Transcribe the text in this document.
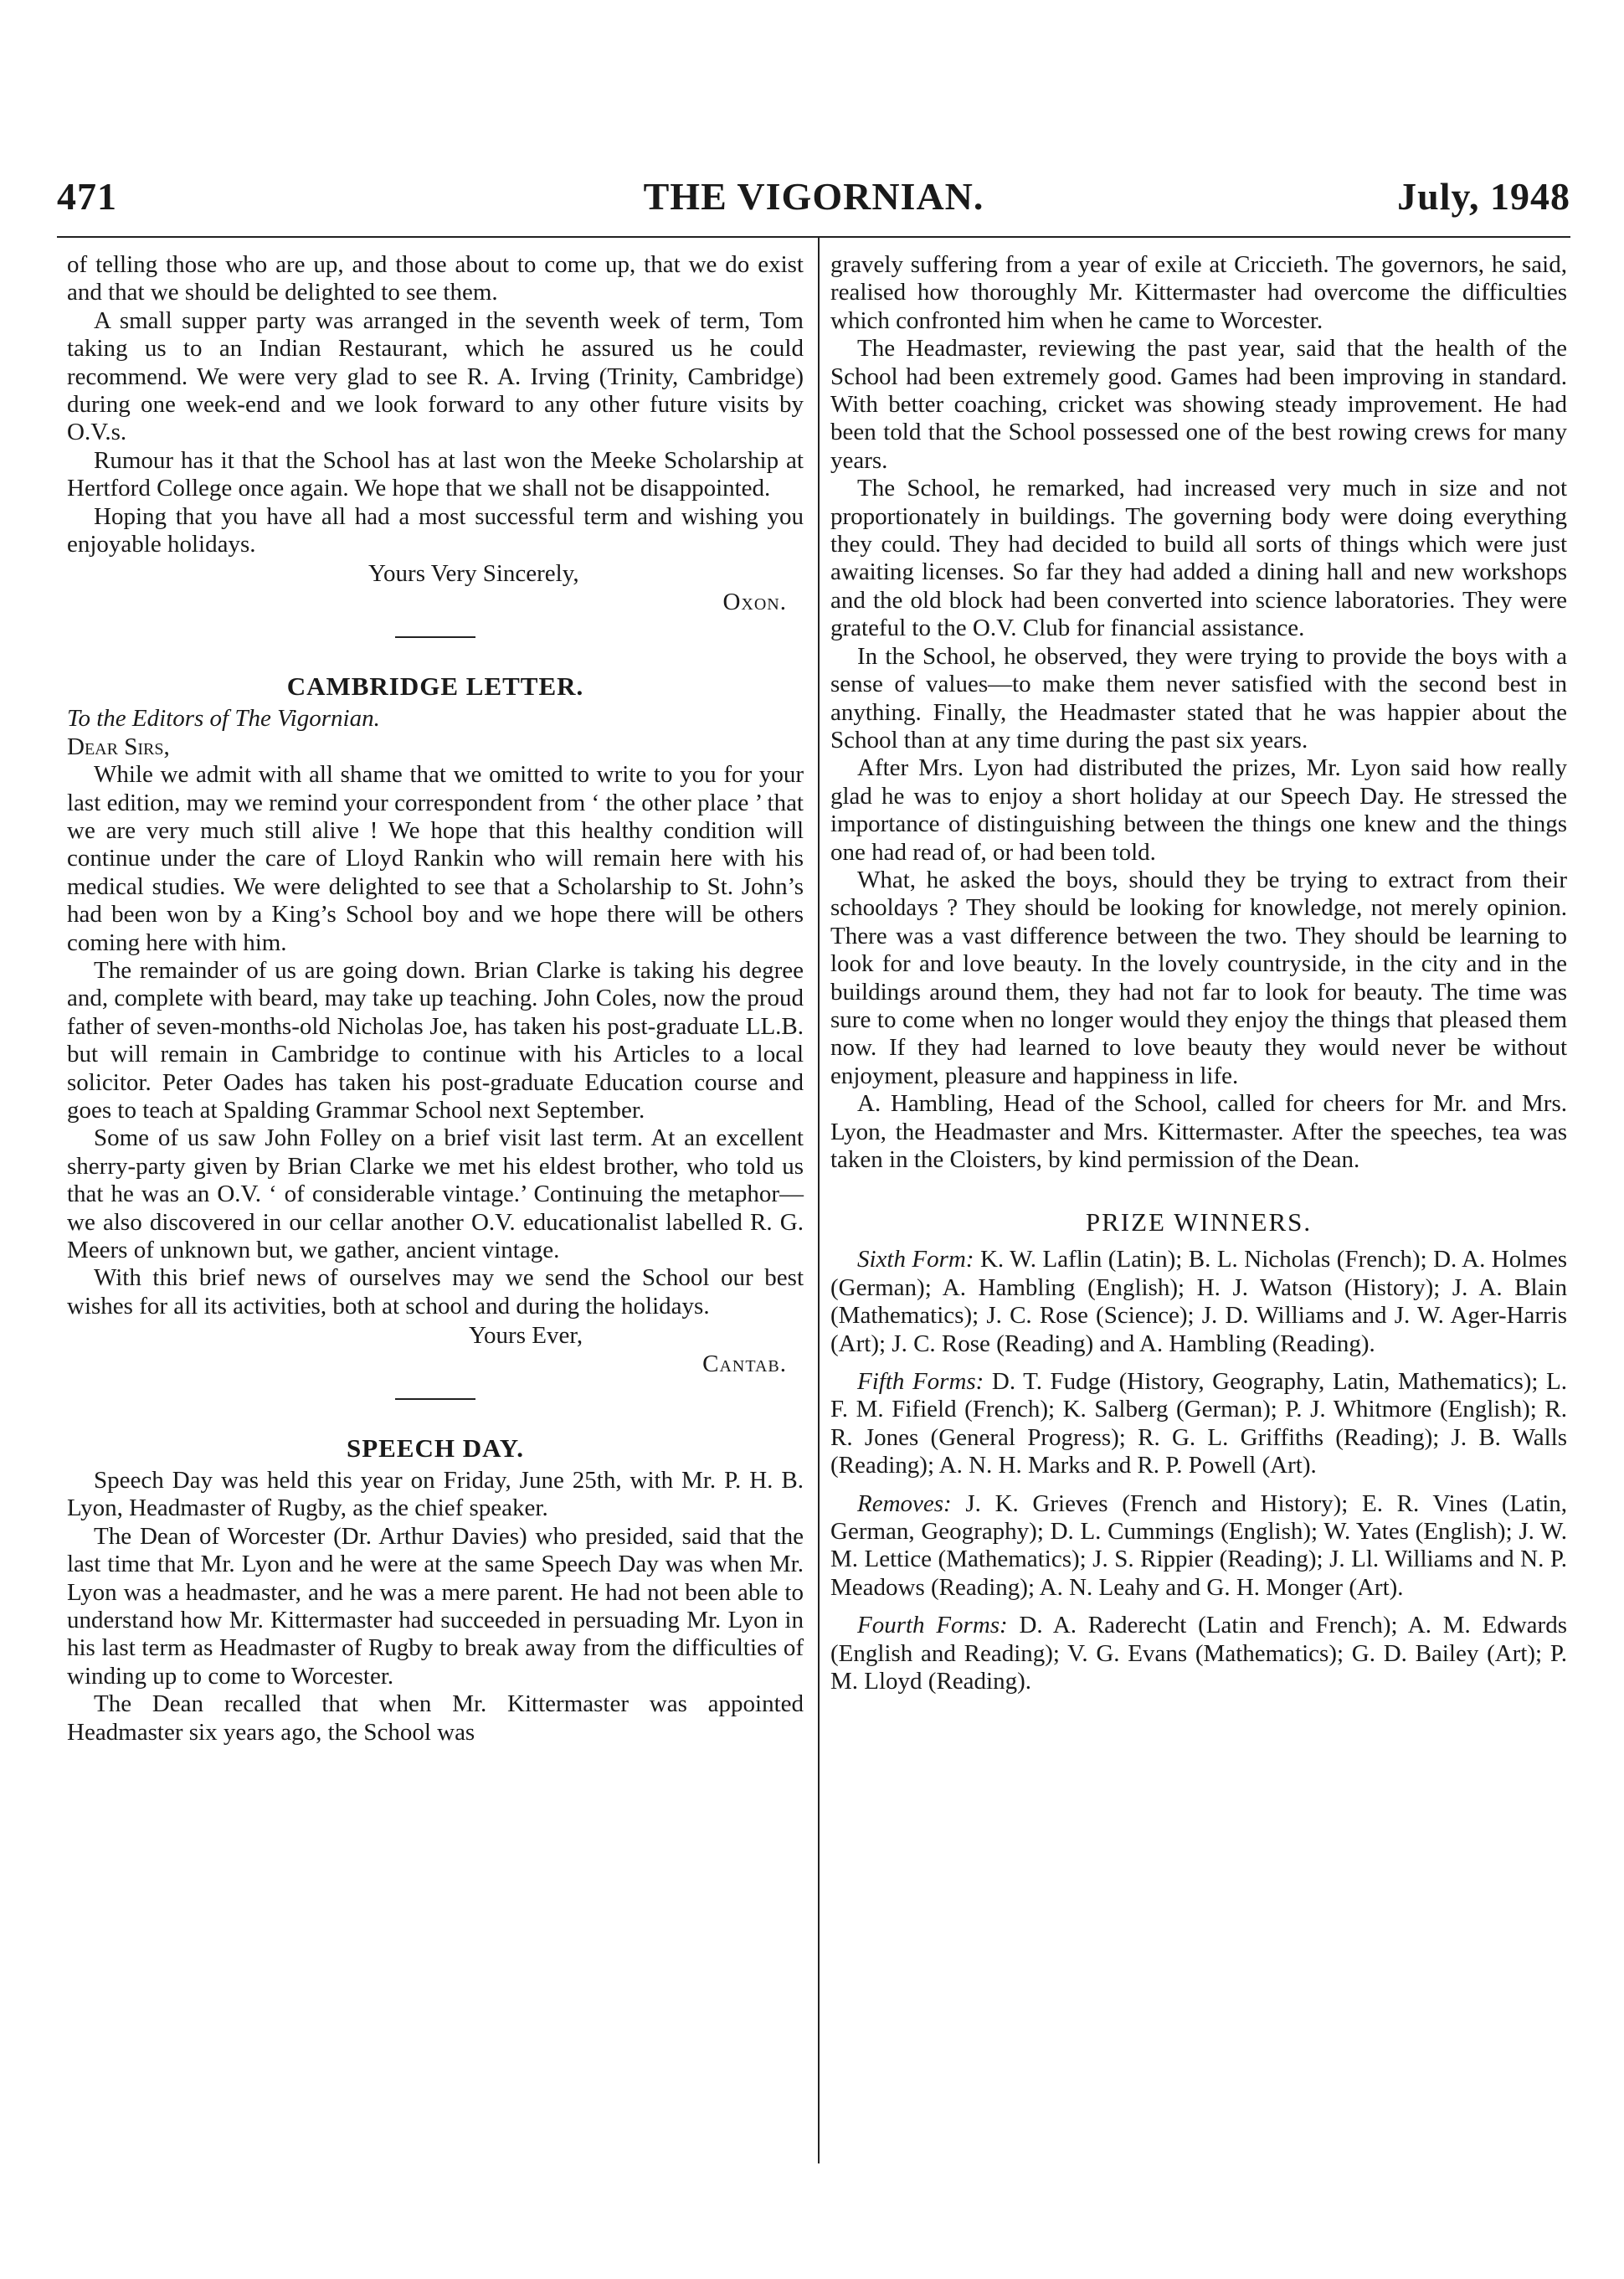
THE VIGORNIAN.
471	July, 1948

of telling those who are up, and those about to come up, that we do exist and that we should be delighted to see them.

A small supper party was arranged in the seventh week of term, Tom taking us to an Indian Restaurant, which he assured us he could recommend. We were very glad to see R. A. Irving (Trinity, Cambridge) during one week-end and we look forward to any other future visits by O.V.s.

Rumour has it that the School has at last won the Meeke Scholarship at Hertford College once again. We hope that we shall not be disappointed.

Hoping that you have all had a most successful term and wishing you enjoyable holidays.

Yours Very Sincerely,
Oxon.
CAMBRIDGE LETTER.

To the Editors of The Vigornian.

Dear Sirs,

While we admit with all shame that we omitted to write to you for your last edition, may we remind your correspondent from ‘ the other place ’ that we are very much still alive ! We hope that this healthy condition will continue under the care of Lloyd Rankin who will remain here with his medical studies. We were delighted to see that a Scholarship to St. John’s had been won by a King’s School boy and we hope there will be others coming here with him.

The remainder of us are going down. Brian Clarke is taking his degree and, complete with beard, may take up teaching. John Coles, now the proud father of seven-months-old Nicholas Joe, has taken his post-graduate LL.B. but will remain in Cambridge to continue with his Articles to a local solicitor. Peter Oades has taken his post-graduate Education course and goes to teach at Spalding Grammar School next September.

Some of us saw John Folley on a brief visit last term. At an excellent sherry-party given by Brian Clarke we met his eldest brother, who told us that he was an O.V. ‘ of considerable vintage.’ Continuing the metaphor—we also discovered in our cellar another O.V. educationalist labelled R. G. Meers of unknown but, we gather, ancient vintage.

With this brief news of ourselves may we send the School our best wishes for all its activities, both at school and during the holidays.

Yours Ever,
Cantab.
SPEECH DAY.

Speech Day was held this year on Friday, June 25th, with Mr. P. H. B. Lyon, Headmaster of Rugby, as the chief speaker.

The Dean of Worcester (Dr. Arthur Davies) who presided, said that the last time that Mr. Lyon and he were at the same Speech Day was when Mr. Lyon was a headmaster, and he was a mere parent. He had not been able to understand how Mr. Kittermaster had succeeded in persuading Mr. Lyon in his last term as Headmaster of Rugby to break away from the difficulties of winding up to come to Worcester.

The Dean recalled that when Mr. Kittermaster was appointed Headmaster six years ago, the School was

gravely suffering from a year of exile at Criccieth. The governors, he said, realised how thoroughly Mr. Kittermaster had overcome the difficulties which confronted him when he came to Worcester.

The Headmaster, reviewing the past year, said that the health of the School had been extremely good. Games had been improving in standard. With better coaching, cricket was showing steady improvement. He had been told that the School possessed one of the best rowing crews for many years.

The School, he remarked, had increased very much in size and not proportionately in buildings. The governing body were doing everything they could. They had decided to build all sorts of things which were just awaiting licenses. So far they had added a dining hall and new workshops and the old block had been converted into science laboratories. They were grateful to the O.V. Club for financial assistance.

In the School, he observed, they were trying to provide the boys with a sense of values—to make them never satisfied with the second best in anything. Finally, the Headmaster stated that he was happier about the School than at any time during the past six years.

After Mrs. Lyon had distributed the prizes, Mr. Lyon said how really glad he was to enjoy a short holiday at our Speech Day. He stressed the importance of distinguishing between the things one knew and the things one had read of, or had been told.

What, he asked the boys, should they be trying to extract from their schooldays ? They should be looking for knowledge, not merely opinion. There was a vast difference between the two. They should be learning to look for and love beauty. In the lovely countryside, in the city and in the buildings around them, they had not far to look for beauty. The time was sure to come when no longer would they enjoy the things that pleased them now. If they had learned to love beauty they would never be without enjoyment, pleasure and happiness in life.

A. Hambling, Head of the School, called for cheers for Mr. and Mrs. Lyon, the Headmaster and Mrs. Kittermaster. After the speeches, tea was taken in the Cloisters, by kind permission of the Dean.

PRIZE WINNERS.

Sixth Form: K. W. Laflin (Latin); B. L. Nicholas (French); D. A. Holmes (German); A. Hambling (English); H. J. Watson (History); J. A. Blain (Mathematics); J. C. Rose (Science); J. D. Williams and J. W. Ager-Harris (Art); J. C. Rose (Reading) and A. Hambling (Reading).

Fifth Forms: D. T. Fudge (History, Geography, Latin, Mathematics); L. F. M. Fifield (French); K. Salberg (German); P. J. Whitmore (English); R. R. Jones (General Progress); R. G. L. Griffiths (Reading); J. B. Walls (Reading); A. N. H. Marks and R. P. Powell (Art).

Removes: J. K. Grieves (French and History); E. R. Vines (Latin, German, Geography); D. L. Cummings (English); W. Yates (English); J. W. M. Lettice (Mathematics); J. S. Rippier (Reading); J. Ll. Williams and N. P. Meadows (Reading); A. N. Leahy and G. H. Monger (Art).

Fourth Forms: D. A. Raderecht (Latin and French); A. M. Edwards (English and Reading); V. G. Evans (Mathematics); G. D. Bailey (Art); P. M. Lloyd (Reading).
